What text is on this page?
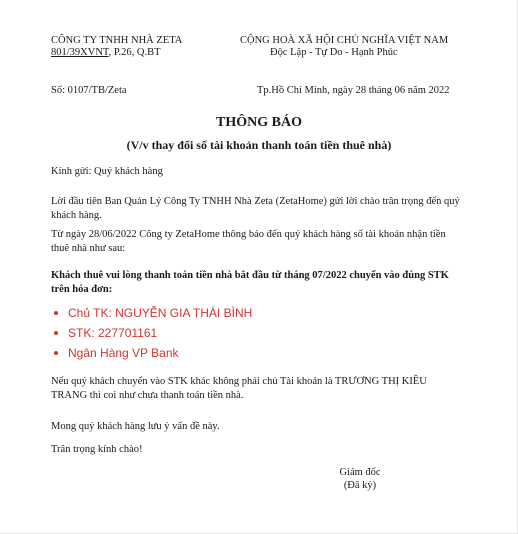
CÔNG TY TNHH NHÀ ZETA
801/39XVNT, P.26, Q.BT
CỘNG HOÀ XÃ HỘI CHỦ NGHĨA VIỆT NAM
Độc Lập - Tự Do - Hạnh Phúc
Số: 0107/TB/Zeta	Tp.Hồ Chí Minh, ngày 28 tháng 06 năm 2022
THÔNG BÁO
(V/v thay đổi số tài khoản thanh toán tiền thuê nhà)
Kính gửi: Quý khách hàng
Lời đầu tiên Ban Quản Lý Công Ty TNHH Nhà Zeta (ZetaHome) gửi lời chào trân trọng đến quý khách hàng.
Từ ngày 28/06/2022 Công ty ZetaHome thông báo đến quý khách hàng số tài khoản nhận tiền thuê nhà như sau:
Khách thuê vui lòng thanh toán tiền nhà bắt đầu từ tháng 07/2022 chuyển vào đúng STK trên hóa đơn:
Chủ TK: NGUYỄN GIA THÁI BÌNH
STK: 227701161
Ngân Hàng VP Bank
Nếu quý khách chuyển vào STK khác không phải chủ Tài khoản là TRƯƠNG THỊ KIỀU TRANG thì coi như chưa thanh toán tiền nhà.
Mong quý khách hàng lưu ý vấn đề này.
Trân trọng kính chào!
Giám đốc
(Đã ký)
